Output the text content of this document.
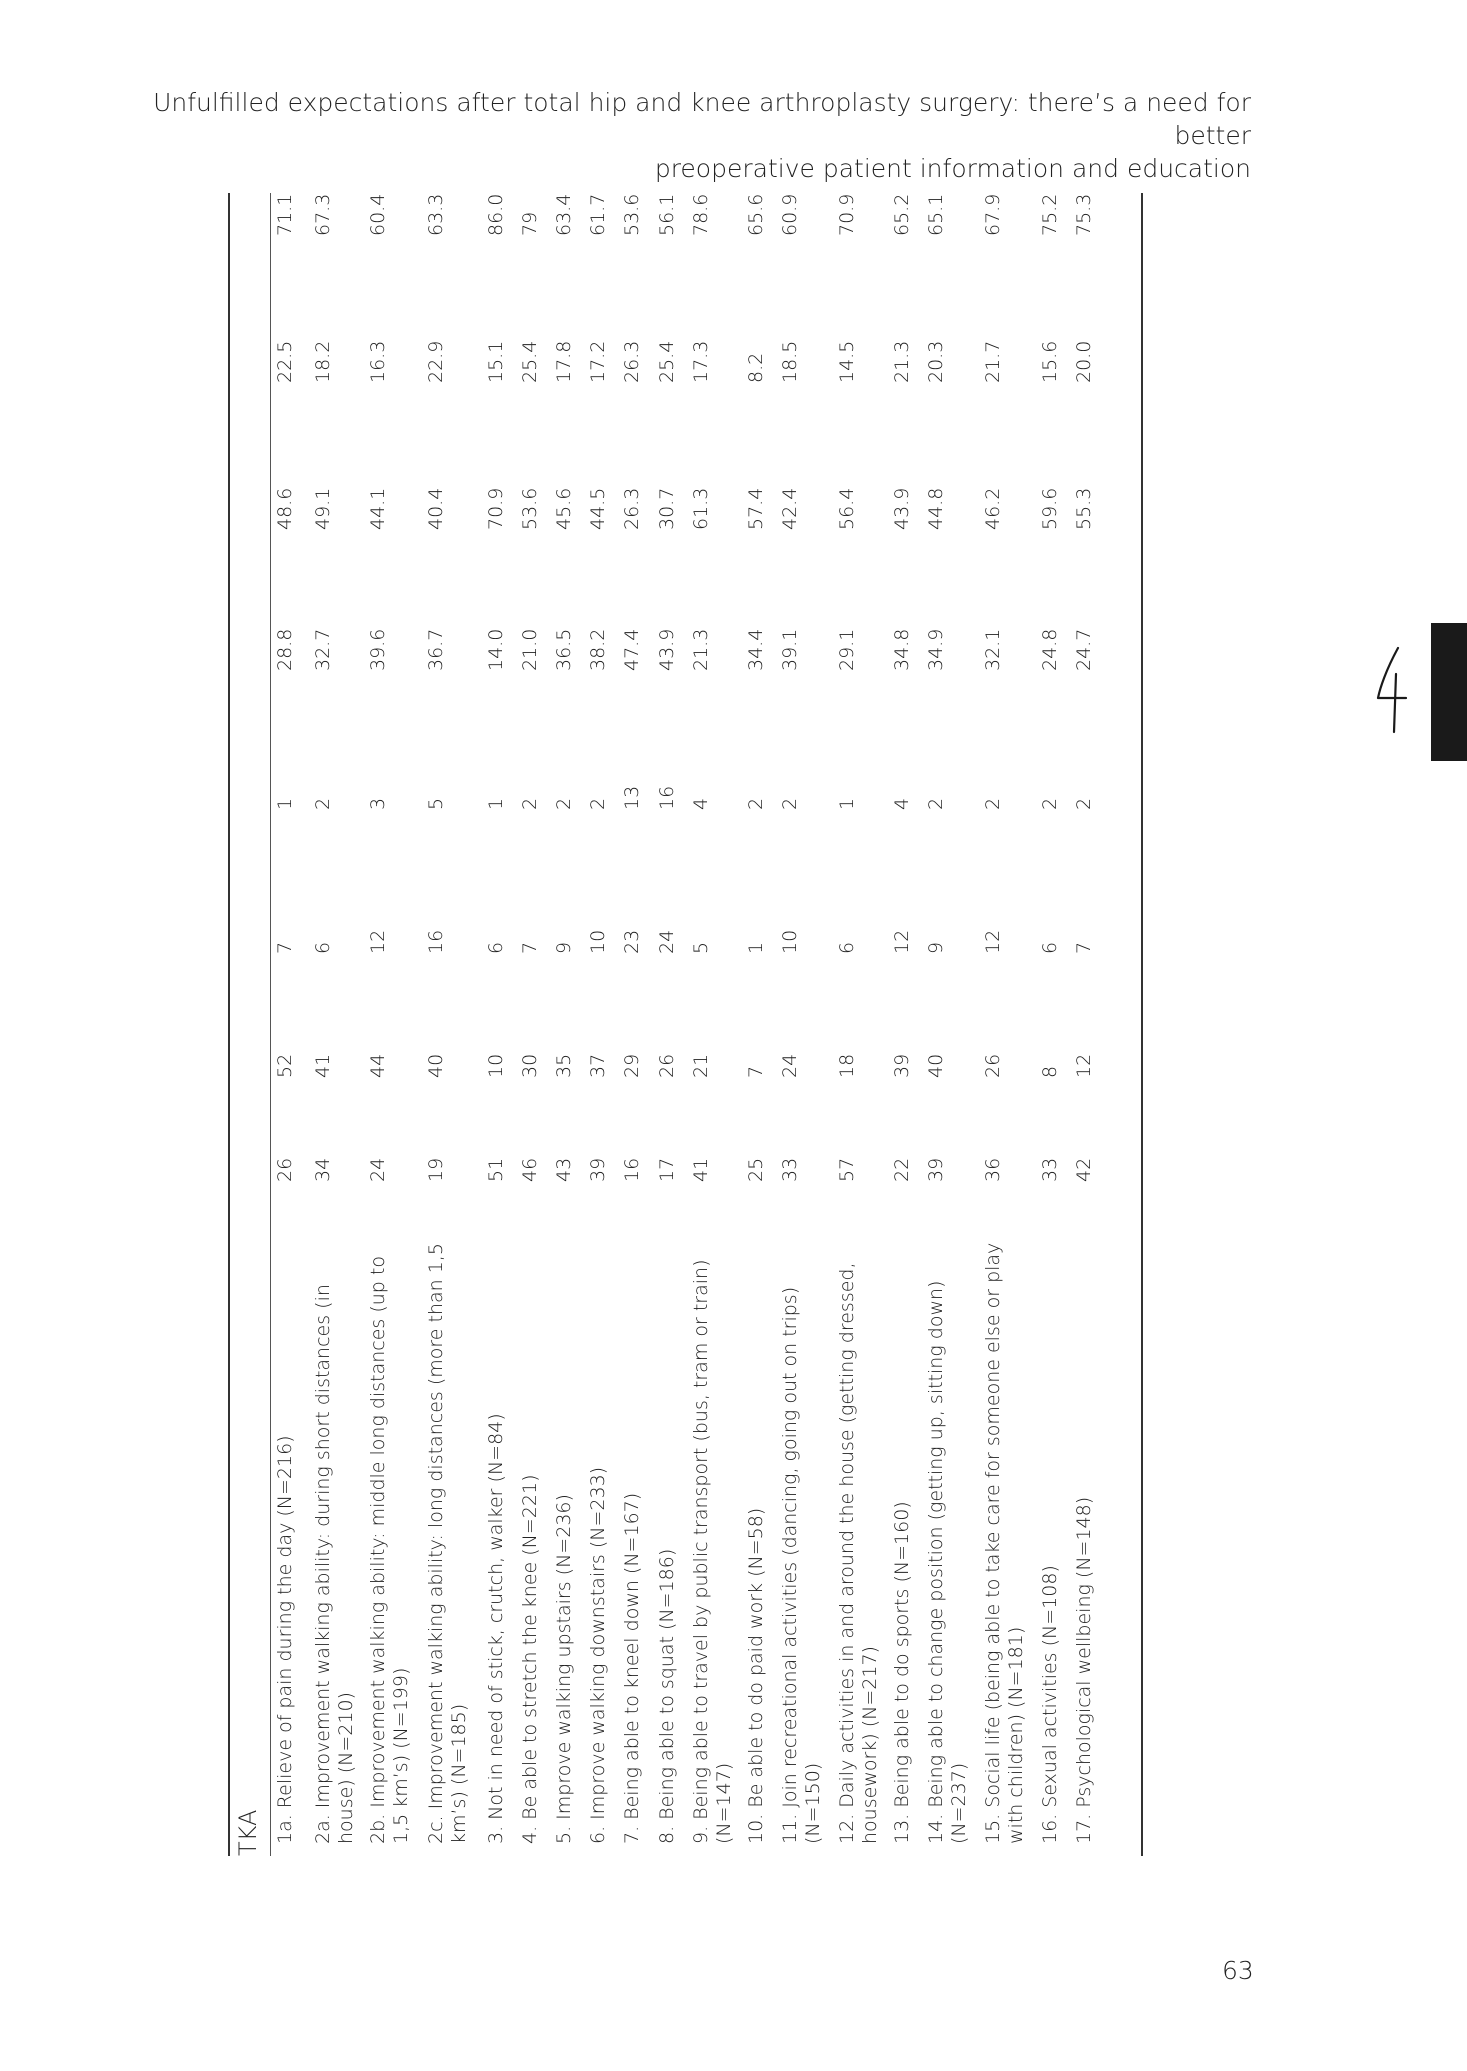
Unfulfilled expectations after total hip and knee arthroplasty surgery: there’s a need for better
preoperative patient information and education
TKA 1a. Relieve of pain during the day (N=216)
26
52
7
1
28.8
48.6
22.5
71.1
2a. Improvement walking ability: during short distances (in house) (N=210)
34
41
6
2
32.7
49.1
18.2
67.3
2b. Improvement walking ability: middle long distances (up to 1,5 km’s) (N=199)
24
44
12
3
39.6
44.1
16.3
60.4
2c. Improvement walking ability: long distances (more than 1,5 km’s) (N=185)
19
40
16
5
36.7
40.4
22.9
63.3
3. Not in need of stick, crutch, walker (N=84)
51
10
6
1
14.0
70.9
15.1
86.0
4. Be able to stretch the knee (N=221)
46
30
7
2
21.0
53.6
25.4
79
5. Improve walking upstairs (N=236)
43
35
9
2
36.5
45.6
17.8
63.4
6. Improve walking downstairs (N=233)
39
37
10
2
38.2
44.5
17.2
61.7
7. Being able to kneel down (N=167)
16
29
23
13
47.4
26.3
26.3
53.6
8. Being able to squat (N=186)
17
26
24
16
43.9
30.7
25.4
56.1
9. Being able to travel by public transport (bus, tram or train) (N=147)
41
21
5
4
21.3
61.3
17.3
78.6
10. Be able to do paid work (N=58)
25
7
1
2
34.4
57.4
8.2
65.6
11. Join recreational activities (dancing, going out on trips) (N=150)
33
24
10
2
39.1
42.4
18.5
60.9
12. Daily activities in and around the house (getting dressed, housework) (N=217)
57
18
6
1
29.1
56.4
14.5
70.9
13. Being able to do sports (N=160)
22
39
12
4
34.8
43.9
21.3
65.2
14. Being able to change position (getting up, sitting down) (N=237)
39
40
9
2
34.9
44.8
20.3
65.1
15. Social life (being able to take care for someone else or play with children) (N=181)
36
26
12
2
32.1
46.2
21.7
67.9
16. Sexual activities (N=108)
33
8
6
2
24.8
59.6
15.6
75.2
17. Psychological wellbeing (N=148)
42
12
7
2
24.7
55.3
20.0
75.3
63
